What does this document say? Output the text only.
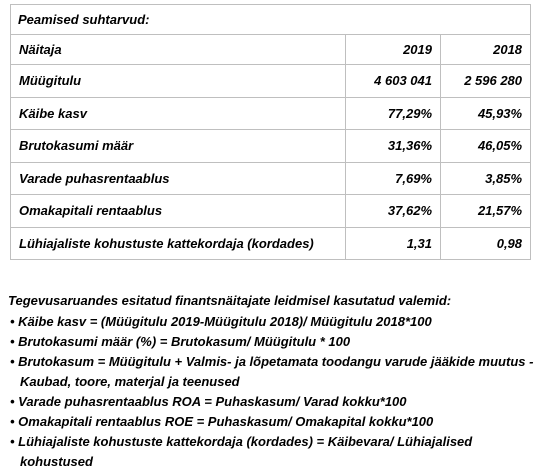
Peamised suhtarvud:		
Näitaja	2019	2018
Müügitulu	4 603 041	2 596 280
Käibe kasv	77,29%	45,93%
Brutokasumi määr	31,36%	46,05%
Varade puhasrentaablus	7,69%	3,85%
Omakapitali rentaablus	37,62%	21,57%
Lühiajaliste kohustuste kattekordaja (kordades)	1,31	0,98
Tegevusaruandes esitatud finantsnäitajate leidmisel kasutatud valemid:
• Käibe kasv = (Müügitulu 2019-Müügitulu 2018)/ Müügitulu 2018*100
• Brutokasumi määr (%) = Brutokasum/ Müügitulu * 100
• Brutokasum = Müügitulu + Valmis- ja lõpetamata toodangu varude jääkide muutus - Kaubad, toore, materjal ja teenused
• Varade puhasrentaablus ROA = Puhaskasum/ Varad kokku*100
• Omakapitali rentaablus ROE = Puhaskasum/ Omakapital kokku*100
• Lühiajaliste kohustuste kattekordaja (kordades) = Käibevara/ Lühiajalised kohustused
